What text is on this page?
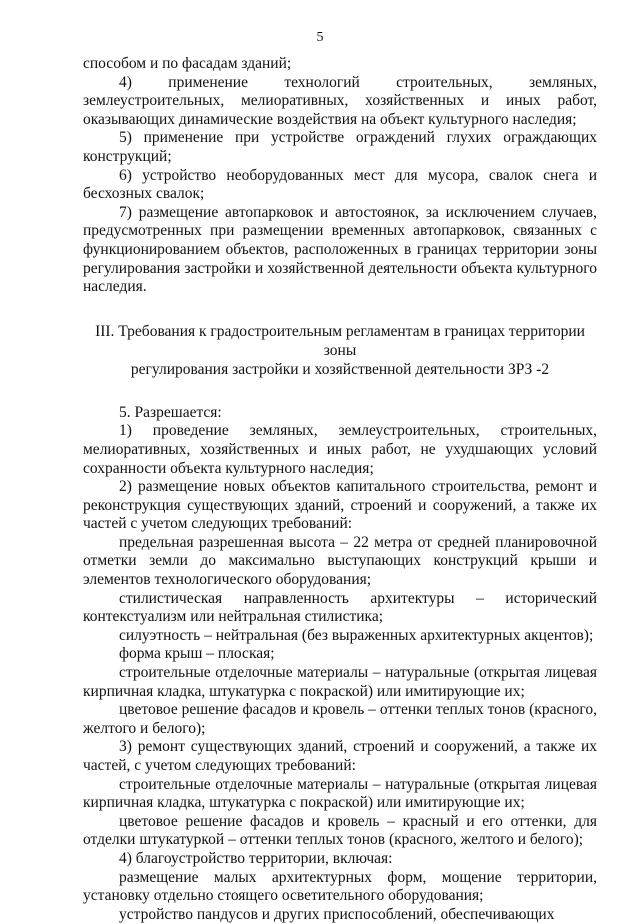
5

способом и по фасадам зданий;

4) применение технологий строительных, земляных, землеустроительных, мелиоративных, хозяйственных и иных работ, оказывающих динамические воздействия на объект культурного наследия;

5) применение при устройстве ограждений глухих ограждающих конструкций;

6) устройство необорудованных мест для мусора, свалок снега и бесхозных свалок;

7) размещение автопарковок и автостоянок, за исключением случаев, предусмотренных при размещении временных автопарковок, связанных с функционированием объектов, расположенных в границах территории зоны регулирования застройки и хозяйственной деятельности объекта культурного наследия.

III. Требования к градостроительным регламентам в границах территории зоны
регулирования застройки и хозяйственной деятельности ЗРЗ -2

5. Разрешается:

1) проведение земляных, землеустроительных, строительных, мелиоративных, хозяйственных и иных работ, не ухудшающих условий сохранности объекта культурного наследия;

2) размещение новых объектов капитального строительства, ремонт и реконструкция существующих зданий, строений и сооружений, а также их частей с учетом следующих требований:

предельная разрешенная высота – 22 метра от средней планировочной отметки земли до максимально выступающих конструкций крыши и элементов технологического оборудования;

стилистическая направленность архитектуры – исторический контекстуализм или нейтральная стилистика;

силуэтность – нейтральная (без выраженных архитектурных акцентов);

форма крыш – плоская;

строительные отделочные материалы – натуральные (открытая лицевая кирпичная кладка, штукатурка с покраской) или имитирующие их;

цветовое решение фасадов и кровель – оттенки теплых тонов (красного, желтого и белого);

3) ремонт существующих зданий, строений и сооружений, а также их частей, с учетом следующих требований:

строительные отделочные материалы – натуральные (открытая лицевая кирпичная кладка, штукатурка с покраской) или имитирующие их;

цветовое решение фасадов и кровель – красный и его оттенки, для отделки штукатуркой – оттенки теплых тонов (красного, желтого и белого);

4) благоустройство территории, включая:

размещение малых архитектурных форм, мощение территории, установку отдельно стоящего осветительного оборудования;

устройство пандусов и других приспособлений, обеспечивающих
